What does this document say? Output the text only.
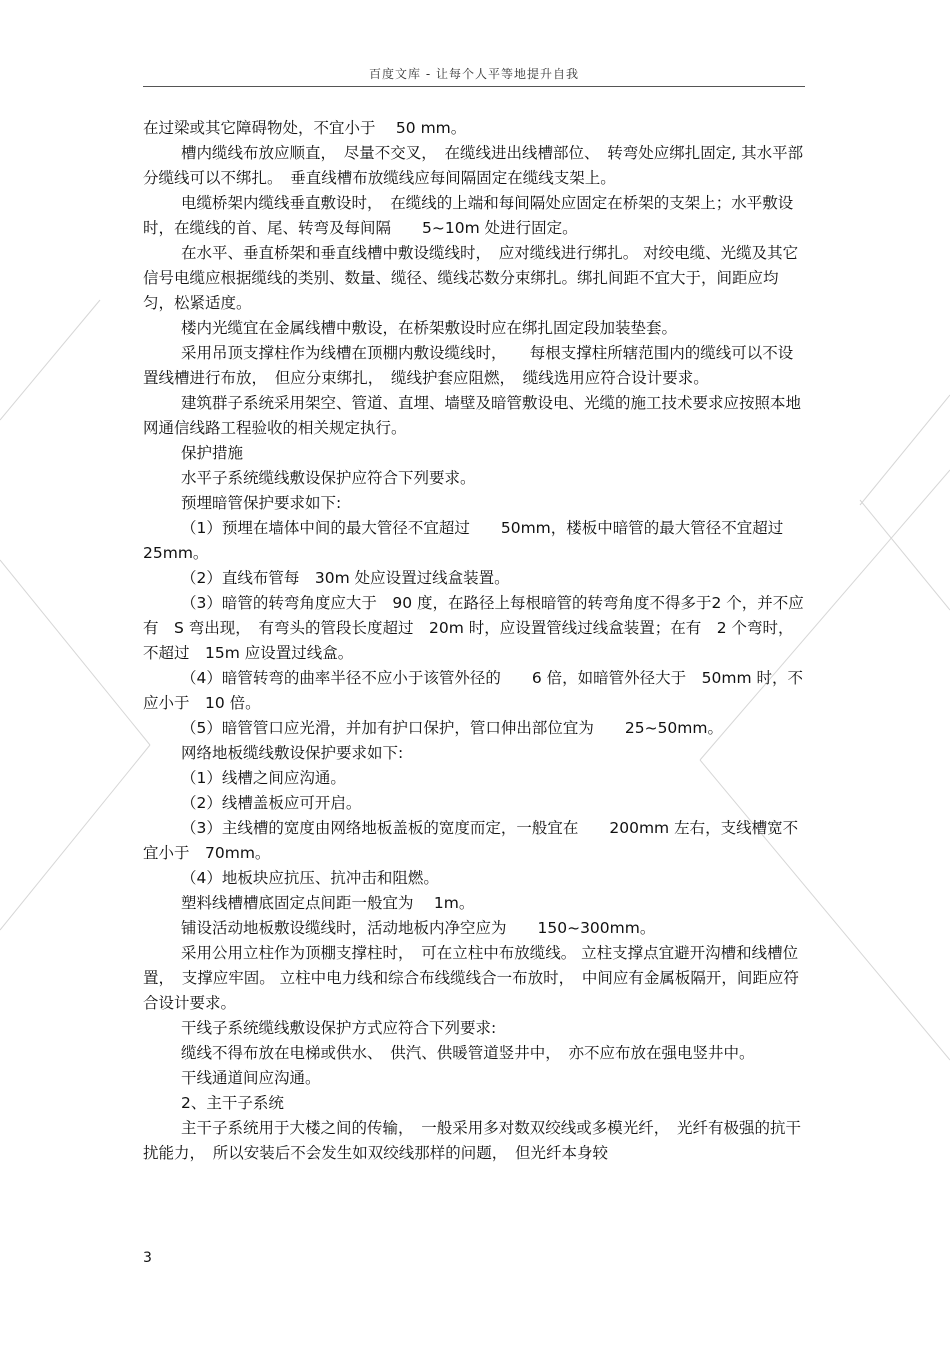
百度文库 - 让每个人平等地提升自我

在过梁或其它障碍物处，不宜小于　 50 mm。

槽内缆线布放应顺直，　尽量不交叉，　在缆线进出线槽部位、　转弯处应绑扎固定, 其水平部分缆线可以不绑扎。　垂直线槽布放缆线应每间隔固定在缆线支架上。

电缆桥架内缆线垂直敷设时，　在缆线的上端和每间隔处应固定在桥架的支架上；水平敷设时，在缆线的首、尾、转弯及每间隔　　5~10m 处进行固定。

在水平、垂直桥架和垂直线槽中敷设缆线时，　应对缆线进行绑扎。 对绞电缆、光缆及其它信号电缆应根据缆线的类别、数量、缆径、缆线芯数分束绑扎。绑扎间距不宜大于，间距应均匀，松紧适度。

楼内光缆宜在金属线槽中敷设，在桥架敷设时应在绑扎固定段加装垫套。

采用吊顶支撑柱作为线槽在顶棚内敷设缆线时，　　每根支撑柱所辖范围内的缆线可以不设置线槽进行布放，　但应分束绑扎，　缆线护套应阻燃，　缆线选用应符合设计要求。

建筑群子系统采用架空、管道、直埋、墙壁及暗管敷设电、光缆的施工技术要求应按照本地网通信线路工程验收的相关规定执行。

保护措施

水平子系统缆线敷设保护应符合下列要求。

预埋暗管保护要求如下:

（1）预埋在墙体中间的最大管径不宜超过　　50mm，楼板中暗管的最大管径不宜超过 25mm。

（2）直线布管每　30m 处应设置过线盒装置。

（3）暗管的转弯角度应大于　90 度，在路径上每根暗管的转弯角度不得多于2 个，并不应有　S 弯出现，　有弯头的管段长度超过　20m 时，应设置管线过线盒装置；在有　2 个弯时，不超过　15m 应设置过线盒。

（4）暗管转弯的曲率半径不应小于该管外径的　　6 倍，如暗管外径大于　50mm 时，不应小于　10 倍。

（5）暗管管口应光滑，并加有护口保护，管口伸出部位宜为　　25~50mm。

网络地板缆线敷设保护要求如下:

（1）线槽之间应沟通。

（2）线槽盖板应可开启。

（3）主线槽的宽度由网络地板盖板的宽度而定，一般宜在　　200mm 左右，支线槽宽不宜小于　70mm。

（4）地板块应抗压、抗冲击和阻燃。

塑料线槽槽底固定点间距一般宜为　 1m。

铺设活动地板敷设缆线时，活动地板内净空应为　　150~300mm。

采用公用立柱作为顶棚支撑柱时，　可在立柱中布放缆线。 立柱支撑点宜避开沟槽和线槽位置，　支撑应牢固。 立柱中电力线和综合布线缆线合一布放时，　中间应有金属板隔开，间距应符合设计要求。

干线子系统缆线敷设保护方式应符合下列要求:

缆线不得布放在电梯或供水、　供汽、供暖管道竖井中，　亦不应布放在强电竖井中。

干线通道间应沟通。

2、主干子系统

主干子系统用于大楼之间的传输，　一般采用多对数双绞线或多模光纤，　光纤有极强的抗干扰能力，　所以安装后不会发生如双绞线那样的问题，　但光纤本身较

3
